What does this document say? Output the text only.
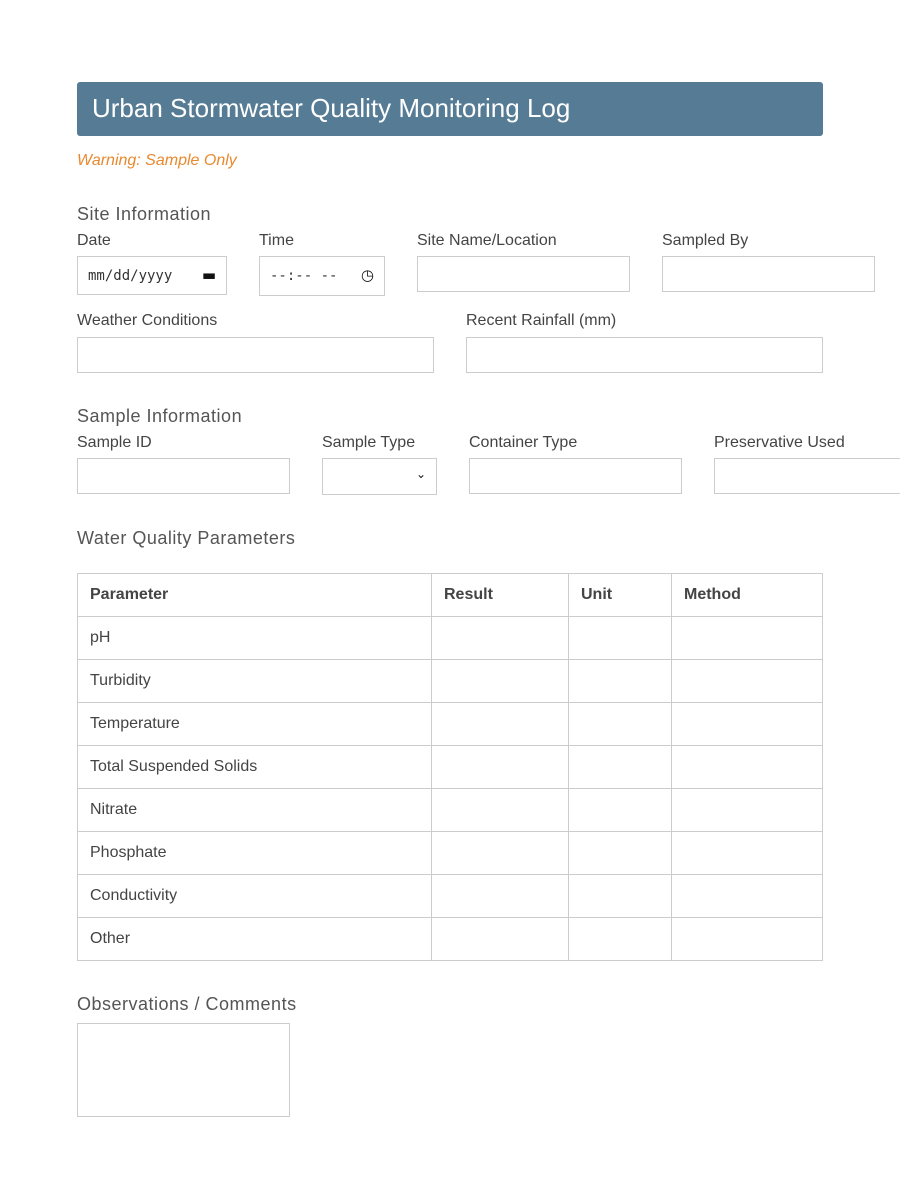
Urban Stormwater Quality Monitoring Log
Warning: Sample Only
Site Information
Date
mm/dd/yyyy ▬
Time
--:-- -- ◷
Site Name/Location	Sampled By
Weather Conditions	Recent Rainfall (mm)
Sample Information
Sample ID	Sample Type
⌄
Container Type	Preservative Used
Water Quality Parameters
Parameter	Result	Unit	Method
pH			
Turbidity			
Temperature			
Total Suspended Solids			
Nitrate			
Phosphate			
Conductivity			
Other			
Observations / Comments
